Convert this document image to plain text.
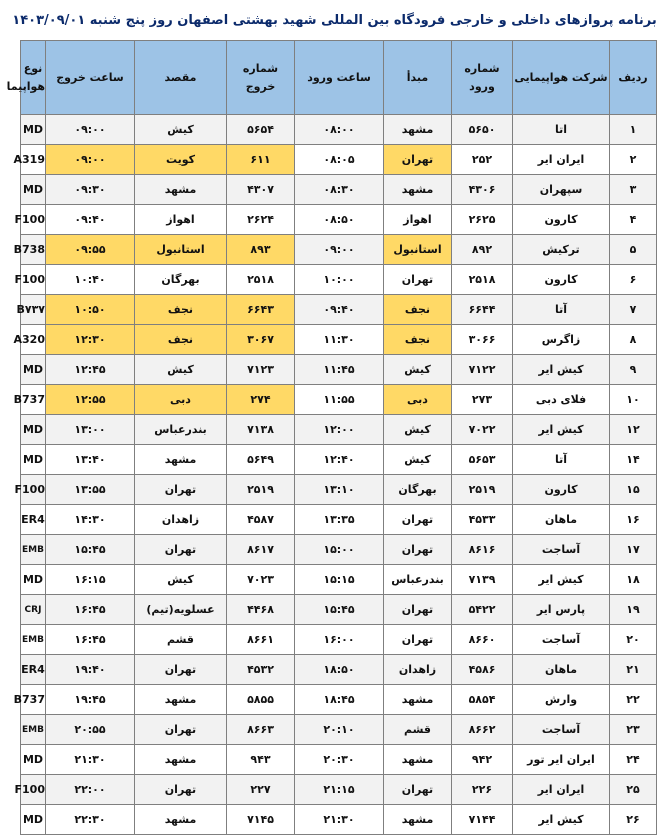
برنامه پروازهای داخلی و خارجی فرودگاه بین المللی شهید بهشتی اصفهان روز پنج شنبه ۱۴۰۳/۰۹/۰۱
ردیف	شرکت هواپیمایی	شماره ورود	مبدأ	ساعت ورود	شماره خروج	مقصد	ساعت خروج	نوع هواپیما
۱	اتا	۵۶۵۰	مشهد	۰۸:۰۰	۵۶۵۴	کیش	۰۹:۰۰	MD
۲	ایران ایر	۲۵۲	تهران	۰۸:۰۵	۶۱۱	کویت	۰۹:۰۰	A319
۳	سپهران	۴۳۰۶	مشهد	۰۸:۳۰	۴۳۰۷	مشهد	۰۹:۳۰	MD
۴	کارون	۲۶۲۵	اهواز	۰۸:۵۰	۲۶۲۴	اهواز	۰۹:۴۰	F100
۵	ترکیش	۸۹۲	استانبول	۰۹:۰۰	۸۹۳	استانبول	۰۹:۵۵	B738
۶	کارون	۲۵۱۸	تهران	۱۰:۰۰	۲۵۱۸	بهرگان	۱۰:۴۰	F100
۷	آتا	۶۶۴۴	نجف	۰۹:۴۰	۶۶۴۳	نجف	۱۰:۵۰	B۷۳۷
۸	زاگرس	۳۰۶۶	نجف	۱۱:۳۰	۳۰۶۷	نجف	۱۲:۳۰	A320
۹	کیش ایر	۷۱۲۲	کیش	۱۱:۴۵	۷۱۲۳	کیش	۱۲:۴۵	MD
۱۰	فلای دبی	۲۷۳	دبی	۱۱:۵۵	۲۷۴	دبی	۱۲:۵۵	B737
۱۲	کیش ایر	۷۰۲۲	کیش	۱۲:۰۰	۷۱۳۸	بندرعباس	۱۳:۰۰	MD
۱۴	آتا	۵۶۵۳	کیش	۱۲:۴۰	۵۶۴۹	مشهد	۱۳:۴۰	MD
۱۵	کارون	۲۵۱۹	بهرگان	۱۳:۱۰	۲۵۱۹	تهران	۱۳:۵۵	F100
۱۶	ماهان	۴۵۳۳	تهران	۱۳:۳۵	۴۵۸۷	زاهدان	۱۴:۳۰	ER4
۱۷	آساجت	۸۶۱۶	تهران	۱۵:۰۰	۸۶۱۷	تهران	۱۵:۴۵	EMB
۱۸	کیش ایر	۷۱۳۹	بندرعباس	۱۵:۱۵	۷۰۲۳	کیش	۱۶:۱۵	MD
۱۹	پارس ایر	۵۴۲۲	تهران	۱۵:۴۵	۴۴۶۸	عسلویه(تیم)	۱۶:۴۵	CRJ
۲۰	آساجت	۸۶۶۰	تهران	۱۶:۰۰	۸۶۶۱	قشم	۱۶:۴۵	EMB
۲۱	ماهان	۴۵۸۶	زاهدان	۱۸:۵۰	۴۵۳۲	تهران	۱۹:۴۰	ER4
۲۲	وارش	۵۸۵۴	مشهد	۱۸:۴۵	۵۸۵۵	مشهد	۱۹:۴۵	B737
۲۳	آساجت	۸۶۶۲	قشم	۲۰:۱۰	۸۶۶۳	تهران	۲۰:۵۵	EMB
۲۴	ایران ایر تور	۹۴۲	مشهد	۲۰:۳۰	۹۴۳	مشهد	۲۱:۳۰	MD
۲۵	ایران ایر	۲۲۶	تهران	۲۱:۱۵	۲۲۷	تهران	۲۲:۰۰	F100
۲۶	کیش ایر	۷۱۴۴	مشهد	۲۱:۳۰	۷۱۴۵	مشهد	۲۲:۳۰	MD
